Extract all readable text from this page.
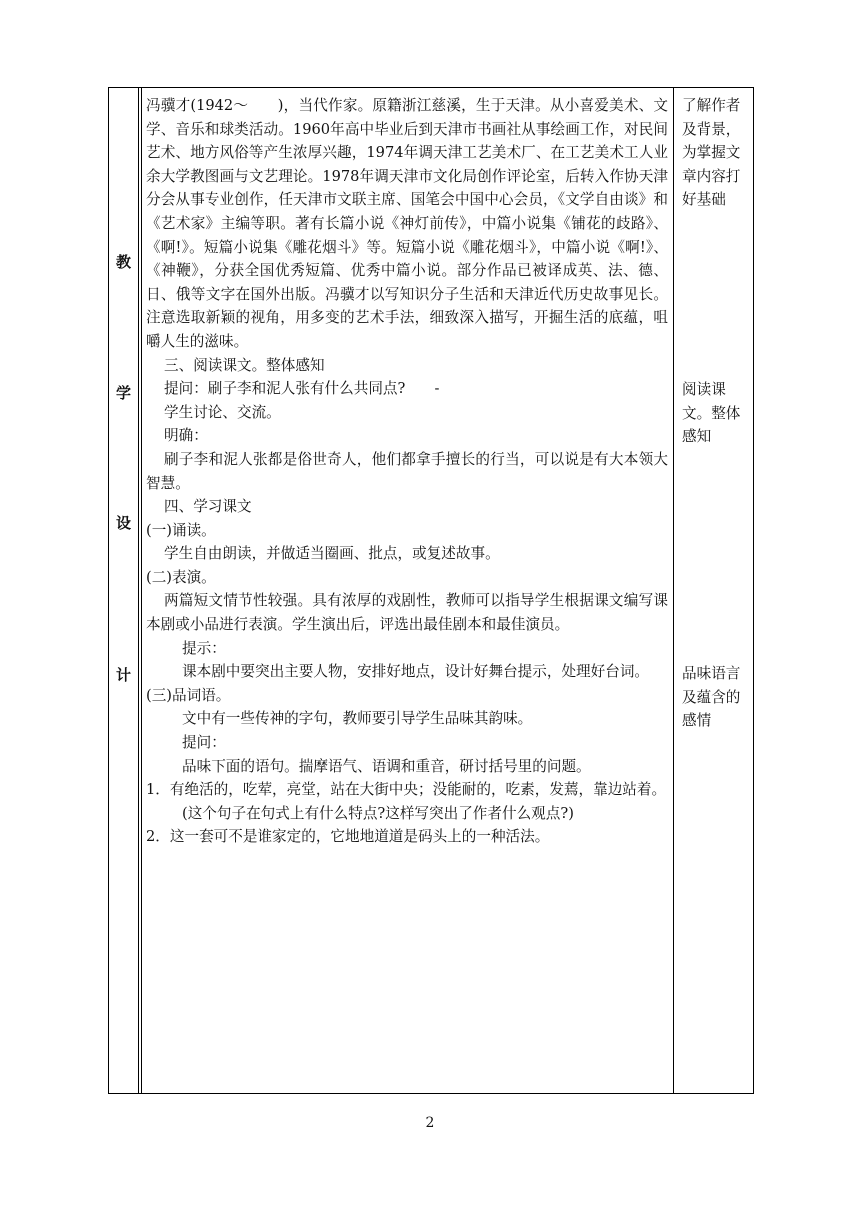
教
学
设
计

冯骥才(1942～　　)，当代作家。原籍浙江慈溪，生于天津。从小喜爱美术、文学、音乐和球类活动。1960年高中毕业后到天津市书画社从事绘画工作，对民间艺术、地方风俗等产生浓厚兴趣，1974年调天津工艺美术厂、在工艺美术工人业余大学教图画与文艺理论。1978年调天津市文化局创作评论室，后转入作协天津分会从事专业创作，任天津市文联主席、国笔会中国中心会员，《文学自由谈》和《艺术家》主编等职。著有长篇小说《神灯前传》，中篇小说集《铺花的歧路》、《啊!》。短篇小说集《雕花烟斗》等。短篇小说《雕花烟斗》，中篇小说《啊!》、《神鞭》，分获全国优秀短篇、优秀中篇小说。部分作品已被译成英、法、德、日、俄等文字在国外出版。冯骥才以写知识分子生活和天津近代历史故事见长。注意选取新颖的视角，用多变的艺术手法，细致深入描写，开掘生活的底蕴，咀嚼人生的滋味。

三、阅读课文。整体感知

提问：刷子李和泥人张有什么共同点?　　-

学生讨论、交流。

明确：

刷子李和泥人张都是俗世奇人，他们都拿手擅长的行当，可以说是有大本领大智慧。

四、学习课文

(一)诵读。

学生自由朗读，并做适当圈画、批点，或复述故事。

(二)表演。

两篇短文情节性较强。具有浓厚的戏剧性，教师可以指导学生根据课文编写课本剧或小品进行表演。学生演出后，评选出最佳剧本和最佳演员。

提示：

课本剧中要突出主要人物，安排好地点，设计好舞台提示，处理好台词。

(三)品词语。

文中有一些传神的字句，教师要引导学生品味其韵味。

提问：

品味下面的语句。揣摩语气、语调和重音，研讨括号里的问题。

1．有绝活的，吃荤，亮堂，站在大街中央；没能耐的，吃素，发蔫，靠边站着。

(这个句子在句式上有什么特点?这样写突出了作者什么观点?)

2．这一套可不是谁家定的，它地地道道是码头上的一种活法。

了解作者及背景，为掌握文章内容打好基础
阅读课文。整体感知
品味语言及蕴含的感情
2
